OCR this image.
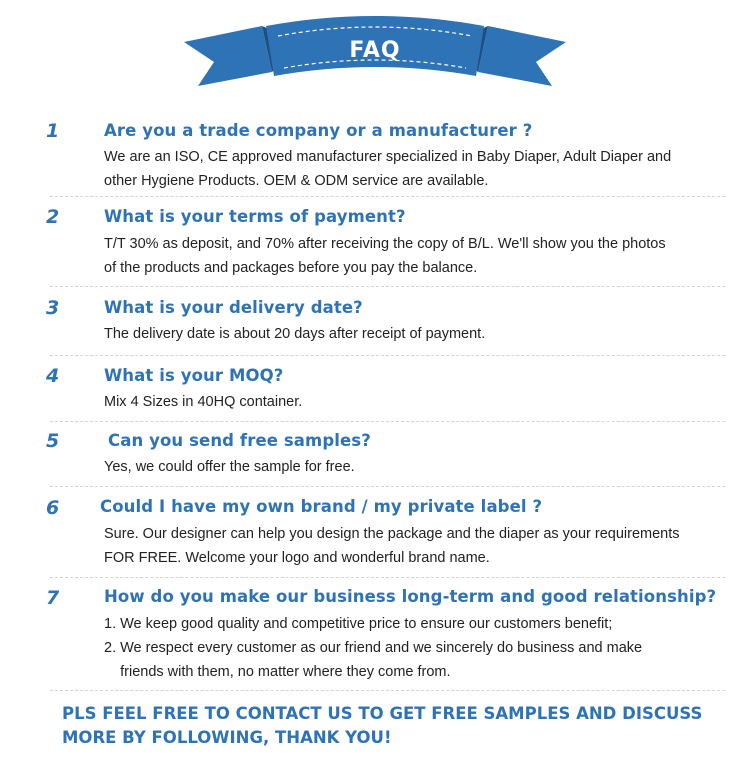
FAQ
1	Are you a trade company or a manufacturer ?
We are an ISO, CE approved manufacturer specialized in Baby Diaper, Adult Diaper and
other Hygiene Products. OEM & ODM service are available.
2	What is your terms of payment?
T/T 30% as deposit, and 70% after receiving the copy of B/L. We'll show you the photos
of the products and packages before you pay the balance.
3	What is your delivery date?
The delivery date is about 20 days after receipt of payment.
4	What is your MOQ?
Mix 4 Sizes in 40HQ container.
5	Can you send free samples?
Yes, we could offer the sample for free.
6 Could I have my own brand / my private label ?
Sure. Our designer can help you design the package and the diaper as your requirements
FOR FREE. Welcome your logo and wonderful brand name.
7	How do you make our business long-term and good relationship?
1. We keep good quality and competitive price to ensure our customers benefit;
2. We respect every customer as our friend and we sincerely do business and make
friends with them, no matter where they come from.
PLS FEEL FREE TO CONTACT US TO GET FREE SAMPLES AND DISCUSS
MORE BY FOLLOWING, THANK YOU!
